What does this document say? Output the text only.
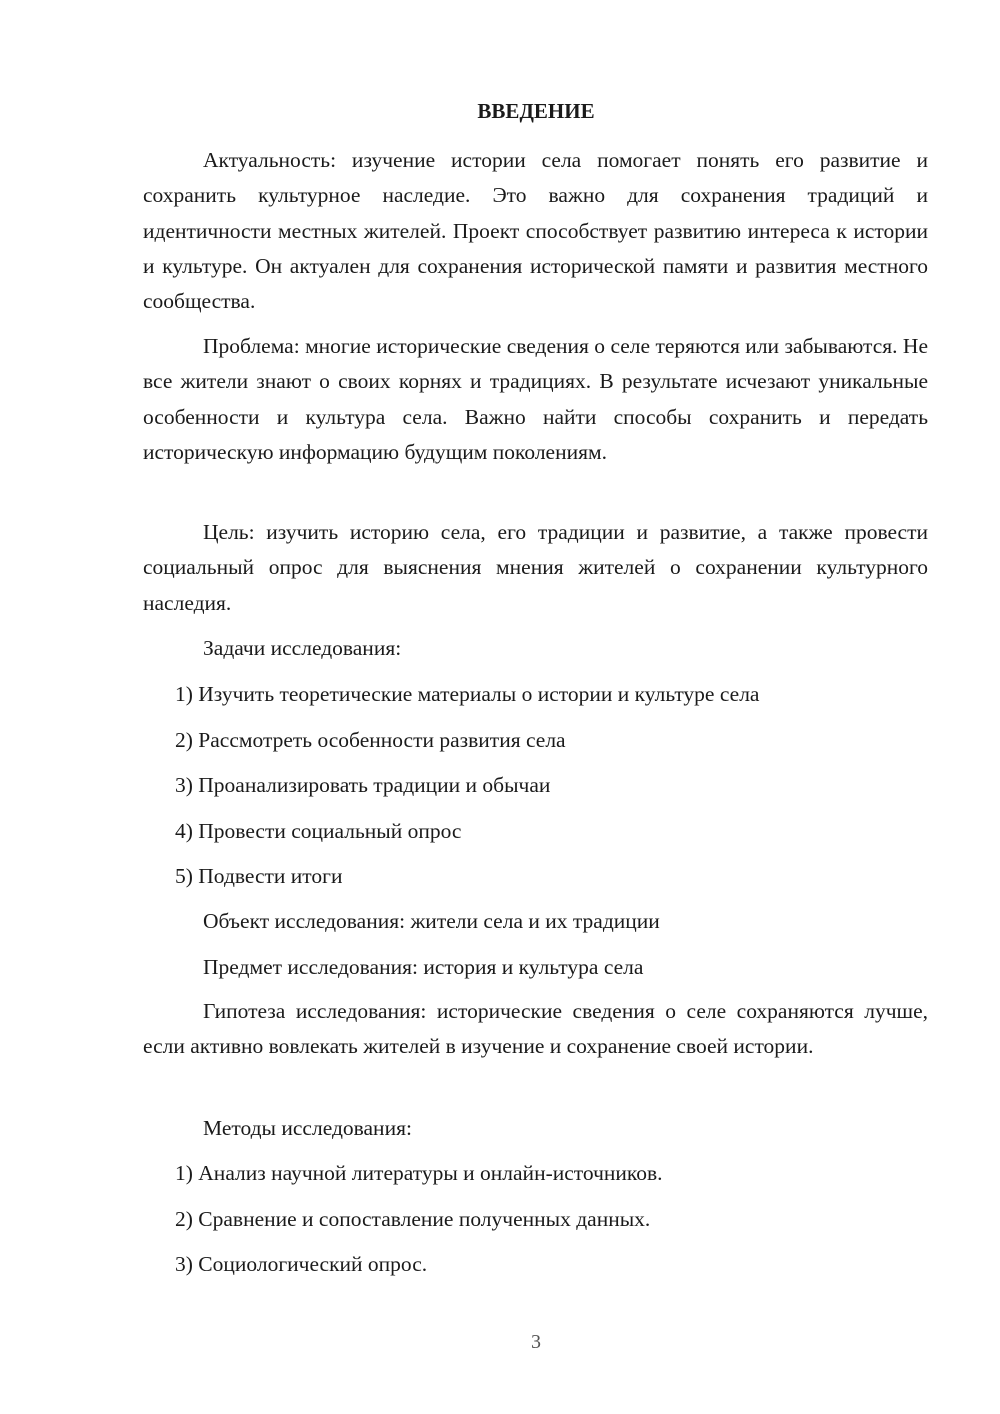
ВВЕДЕНИЕ

Актуальность: изучение истории села помогает понять его развитие и сохранить культурное наследие. Это важно для сохранения традиций и идентичности местных жителей. Проект способствует развитию интереса к истории и культуре. Он актуален для сохранения исторической памяти и развития местного сообщества.

Проблема: многие исторические сведения о селе теряются или забываются. Не все жители знают о своих корнях и традициях. В результате исчезают уникальные особенности и культура села. Важно найти способы сохранить и передать историческую информацию будущим поколениям.

Цель: изучить историю села, его традиции и развитие, а также провести социальный опрос для выяснения мнения жителей о сохранении культурного наследия.

Задачи исследования:
1) Изучить теоретические материалы о истории и культуре села
2) Рассмотреть особенности развития села
3) Проанализировать традиции и обычаи
4) Провести социальный опрос
5) Подвести итоги
Объект исследования: жители села и их традиции
Предмет исследования: история и культура села

Гипотеза исследования: исторические сведения о селе сохраняются лучше, если активно вовлекать жителей в изучение и сохранение своей истории.

Методы исследования:
1) Анализ научной литературы и онлайн-источников.
2) Сравнение и сопоставление полученных данных.
3) Социологический опрос.
3
